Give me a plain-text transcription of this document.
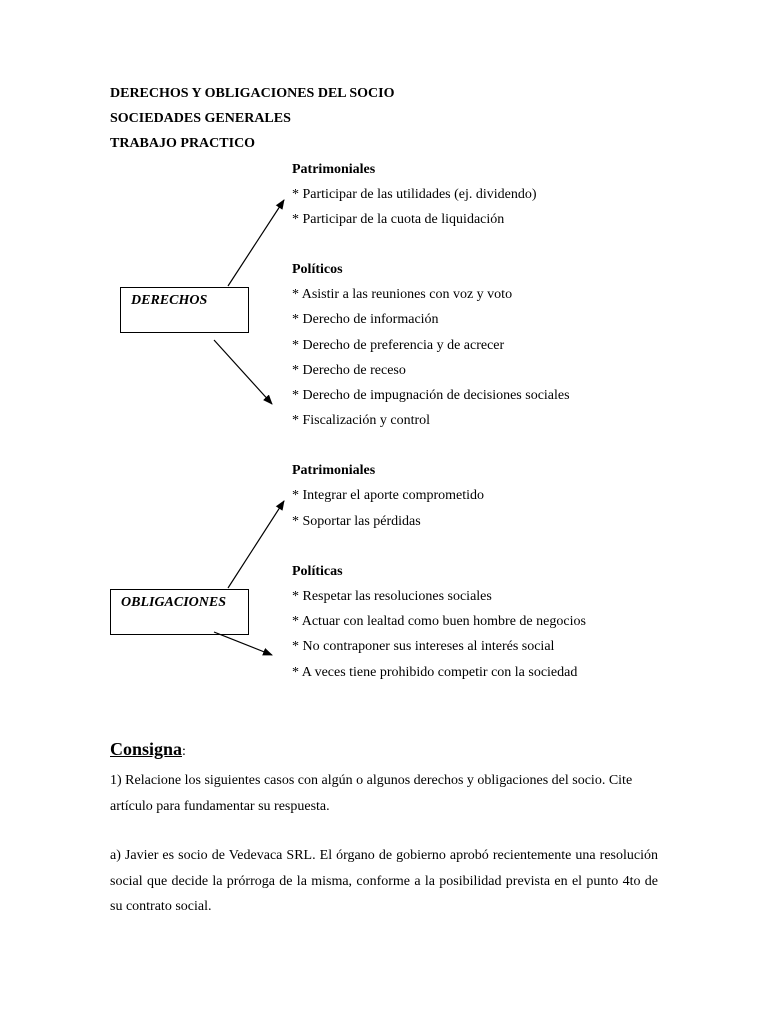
DERECHOS Y OBLIGACIONES DEL SOCIO
SOCIEDADES GENERALES
TRABAJO PRACTICO
DERECHOS
Patrimoniales
* Participar de las utilidades (ej. dividendo)
* Participar de la cuota de liquidación
Políticos
* Asistir a las reuniones con voz y voto
* Derecho de información
* Derecho de preferencia y de acrecer
* Derecho de receso
* Derecho de impugnación de decisiones sociales
* Fiscalización y control
OBLIGACIONES
Patrimoniales
* Integrar el aporte comprometido
* Soportar las pérdidas
Políticas
* Respetar las resoluciones sociales
* Actuar con lealtad como buen hombre de negocios
* No contraponer sus intereses al interés social
* A veces tiene prohibido competir con la sociedad
Consigna:
1) Relacione los siguientes casos con algún o algunos derechos y obligaciones del socio. Cite artículo para fundamentar su respuesta.
a) Javier es socio de Vedevaca SRL. El órgano de gobierno aprobó recientemente una resolución social que decide la prórroga de la misma, conforme a la posibilidad prevista en el punto 4to de su contrato social.
